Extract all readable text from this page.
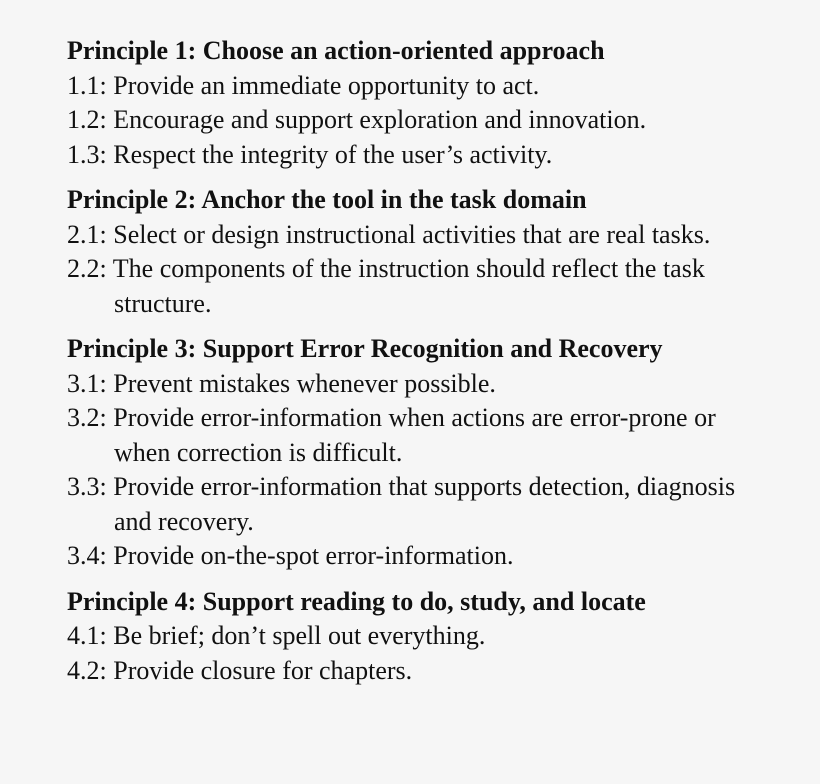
Principle 1: Choose an action-oriented approach
1.1: Provide an immediate opportunity to act.
1.2: Encourage and support exploration and innovation.
1.3: Respect the integrity of the user’s activity.
Principle 2: Anchor the tool in the task domain
2.1: Select or design instructional activities that are real tasks.
2.2: The components of the instruction should reflect the task structure.
Principle 3: Support Error Recognition and Recovery
3.1: Prevent mistakes whenever possible.
3.2: Provide error-information when actions are error-prone or when correction is difficult.
3.3: Provide error-information that supports detection, diagnosis and recovery.
3.4: Provide on-the-spot error-information.
Principle 4: Support reading to do, study, and locate
4.1: Be brief; don’t spell out everything.
4.2: Provide closure for chapters.
